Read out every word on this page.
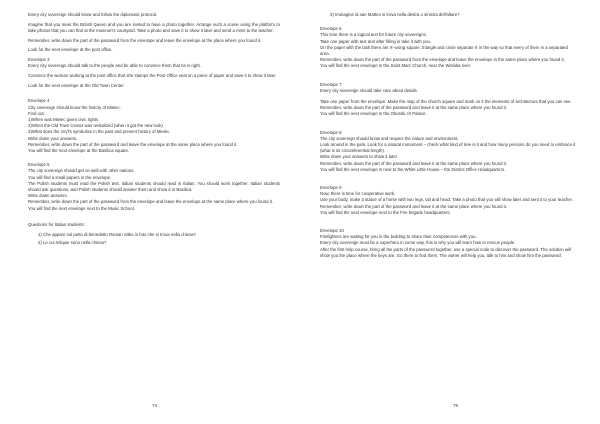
Every city sovereign should know and follow the diplomatic protocol.

Imagine that you meet the British Queen and you are invited to have a photo together. Arrange such a scene using the platform to take photos that you can find at the museum's courtyard. Take a photo and save it to show it later and send a mms to the teacher.

Remember, write down the part of the password from the envelope and leave the envelope at the place where you found it.

Look for the next envelope at the post office.

Envelope 3

Every city sovereign should talk to the people and be able to convince them that he is right.

Convince the woman working at the post office that she stamps the Post Office seal on a piece of paper and save it to show it later.

Look for the next envelope at the Old Town Center.

Envelope 4

City sovereign should know the history of Mielec.
Find out:
1)When was Mielec given civic rights
2)When the Old Town Center was revitalized (when it got the new look)
3)What does the Gryf's symbolize in the past and present history of Mielec.
Write down your answers.
Remember, write down the part of the password and leave the envelope at the same place where you found it.
You will find the next envelope at the Basilica square.

Envelope 5

The city sovereign should get on well with other nations.
You will find a small papers in the envelope.
The Polish students must read the Polish text, Italian students should read in Italian. You should work together. Italian students should ask questions, and Polish students should answer them and show it in Basilica.
Write down answers.
Remember, write down the part of the password from the envelope and leave the envelope at the same place where you found it.
You will find the next envelope next to the Music School.

Questions for Italian students :

1) Che appare sul petto di benedetto Roman Sitko in foto che si trova nella chiesa?
2) Le cui reliquie sono nella chiesa?
74
3) Immagine di san Matteo si trova nella destra o sinistra dell'altare?
Envelope 6
This time there is a logical text for future city sovereigns.
Take one paper with text and after filling in take it with you.
On the paper with the task there are X–using square, triangle and circle separate X in the way so that every of them in a separated area.
Remember, write down the part of the password from the envelope and leave the envelope in the same place where you found it.
You will find the next envelope in the Saint Marc Church, near the Wisloka river.
Envelope 7
Every city sovereign should take care about details.
Take one paper from the envelope. Make the map of the church square and mark on it the elements of architecture that you can see.
Remember, write down the part of the password and leave it at the same place where you found it.
You will find the next envelope in the Oborski ch Palace.
Envelope 8
The city sovereign should know and respect the nature and environment.
Look around in the park. Look for a natural monument – check what kind of tree is it and how many persons do you need to embrace it (what is its circumferential length).
Write down your answers to show it later.
Remember, write down the part of the password and leave it at the same place where you found it.
You will find the next envelope in next to the White Little House – the District Office Headquarters.
Envelope 9
Now, there is time for cooperative work.
Use your body, make a statue of a horse with two legs, tail and head. Take a photo that you will show later and sent it to your teacher .
Remember, write down the part of the password and leave it at the same place where you found it.
You will find the next envelope next to the Fire brigade headquarters.
Envelope 10
Firefighters are waiting for you in the building to share their competences with you.
Every city sovereign must be a superhero in some way, this is why you will learn how to rescue people.
After the first help course, bring all the parts of the password together, use a special code to discover the password. The solution will show you the place where the keys are. Go there to find them. The owner will help you, talk to him and show him the password.
75
